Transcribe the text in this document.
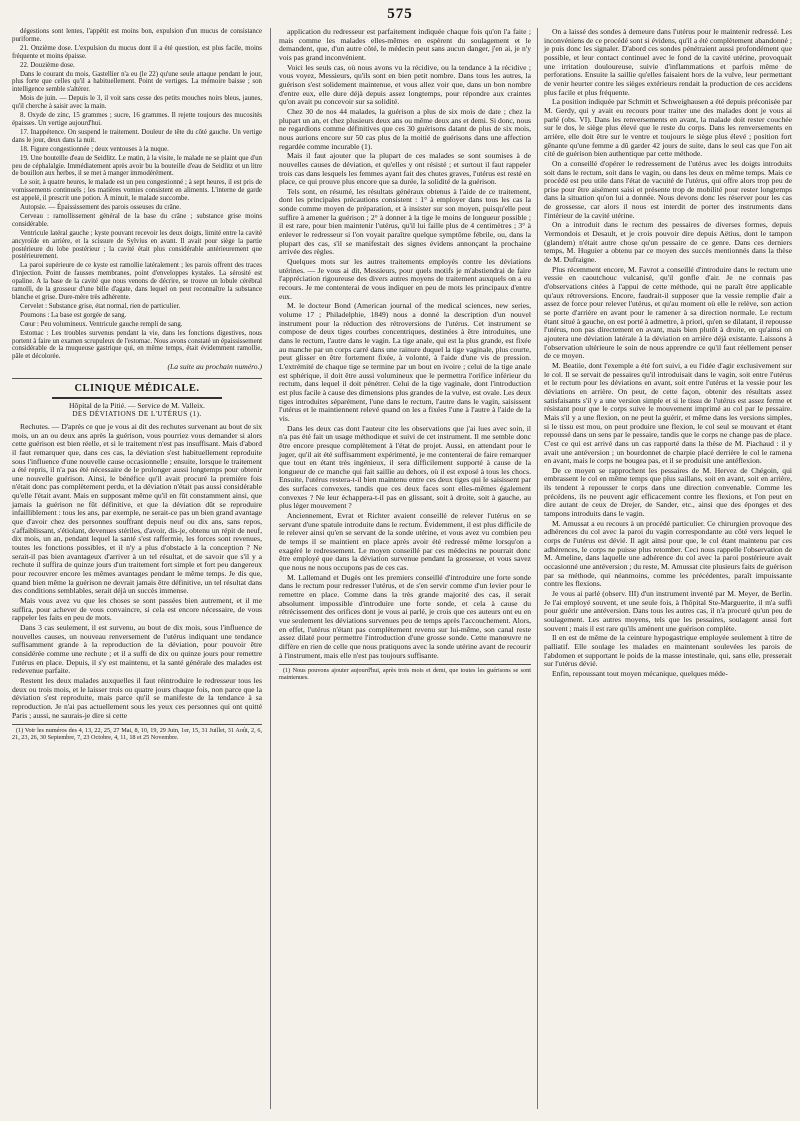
575

dégestions sont lentes, l'appétit est moins bon, expulsion d'un mucus de consistance puriforme.

21. Onzième dose. L'expulsion du mucus dont il a été question, est plus facile, moins fréquente et moins épaisse.

22. Douzième dose.

Dans le courant du mois, Gastellier n'a eu (le 22) qu'une seule attaque pendant le jour, plus forte que celles qu'il a habituellement. Point de vertiges. La mémoire baisse ; son intelligence semble s'altérer.

Mois de juin. — Depuis le 3, il voit sans cesse des petits mouches noirs bleus, jaunes, qu'il cherche à saisir avec la main.

8. Oxyde de zinc, 15 grammes ; sucre, 16 grammes. Il rejette toujours des mucosités épaisses. Un vertige aujourd'hui.

17. Inappétence. On suspend le traitement. Douleur de tête du côté gauche. Un vertige dans le jour, deux dans la nuit.

18. Figure congestionnée ; deux ventouses à la nuque.

19. Une bouteille d'eau de Seidlitz. Le matin, à la visite, le malade ne se plaint que d'un peu de céphalalgie. Immédiatement après avoir bu la bouteille d'eau de Seidlitz et un litre de bouillon aux herbes, il se met à manger immodérément.

Le soir, à quatre heures, le malade est un peu congestionné ; à sept heures, il est pris de vomissements continuels ; les matières vomies consistent en aliments. L'interne de garde est appelé, il prescrit une potion. À minuit, le malade succombe.

Autopsie. — Épaississement des parois osseuses du crâne.

Cerveau : ramollissement général de la base du crâne ; substance grise moins considérable.

Ventricule latéral gauche ; kyste pouvant recevoir les deux doigts, limité entre la cavité ancyroïde en arrière, et la scissure de Sylvius en avant. Il avait pour siège la partie postérieure du lobe postérieur ; la cavité était plus considérable antérieurement que postérieurement.

La paroi supérieure de ce kyste est ramollie latéralement ; les parois offrent des traces d'injection. Point de fausses membranes, point d'enveloppes kystales. La sérosité est opaline. A la base de la cavité que nous venons de décrire, se trouve un lobule cérébral ramolli, de la grosseur d'une bille d'agate, dans lequel on peut reconnaître la substance blanche et grise. Dure-mère très adhérente.

Cervelet : Substance grise, état normal, rien de particulier.

Poumons : La base est gorgée de sang.

Cœur : Peu volumineux. Ventricule gauche rempli de sang.

Estomac : Les troubles survenus pendant la vie, dans les fonctions digestives, nous portent à faire un examen scrupuleux de l'estomac. Nous avons constaté un épaississement considérable de la muqueuse gastrique qui, en même temps, était évidemment ramollie, pâle et décolorée.

(La suite au prochain numéro.)

CLINIQUE MÉDICALE.
Hôpital de la Pitié. — Service de M. Valleix.
DES DÉVIATIONS DE L'UTÉRUS (1).

Rechutes. — D'après ce que je vous ai dit des rechutes survenant au bout de six mois, un an ou deux ans après la guérison, vous pourriez vous demander si alors cette guérison est bien réelle, et si le traitement n'est pas insuffisant. Mais d'abord il faut remarquer que, dans ces cas, la déviation s'est habituellement reproduite sous l'influence d'une nouvelle cause occasionnelle ; ensuite, lorsque le traitement a été repris, il n'a pas été nécessaire de le prolonger aussi longtemps pour obtenir une nouvelle guérison. Ainsi, le bénéfice qu'il avait procuré la première fois n'était donc pas complètement perdu, et la déviation n'était pas aussi considérable qu'elle l'était avant. Mais en supposant même qu'il en fût constamment ainsi, que jamais la guérison ne fût définitive, et que la déviation dût se reproduire infailliblement : tous les ans, par exemple, ne serait-ce pas un bien grand avantage que d'avoir chez des personnes souffrant depuis neuf ou dix ans, sans repos, s'affaiblissant, s'étiolant, devenues stériles, d'avoir, dis-je, obtenu un répit de neuf, dix mois, un an, pendant lequel la santé s'est raffermie, les forces sont revenues, toutes les fonctions possibles, et il n'y a plus d'obstacle à la conception ? Ne serait-il pas bien avantageux d'arriver à un tel résultat, et de savoir que s'il y a rechute il suffira de quinze jours d'un traitement fort simple et fort peu dangereux pour recouvrer encore les mêmes avantages pendant le même temps. Je dis que, quand bien même la guérison ne devrait jamais être définitive, un tel résultat dans des conditions semblables, serait déjà un succès immense.

Mais vous avez vu que les choses se sont passées bien autrement, et il me suffira, pour achever de vous convaincre, si cela est encore nécessaire, de vous rappeler les faits en peu de mots.

Dans 3 cas seulement, il est survenu, au bout de dix mois, sous l'influence de nouvelles causes, un nouveau renversement de l'utérus indiquant une tendance suffisamment grande à la reproduction de la déviation, pour pouvoir être considérée comme une rechute ; et il a suffi de dix ou quinze jours pour remettre l'utérus en place. Depuis, il s'y est maintenu, et la santé générale des malades est redevenue parfaite.

Restent les deux malades auxquelles il faut réintroduire le redresseur tous les deux ou trois mois, et le laisser trois ou quatre jours chaque fois, non parce que la déviation s'est reproduite, mais parce qu'il se manifeste de la tendance à sa reproduction. Je n'ai pas actuellement sous les yeux ces personnes qui ont quitté Paris ; aussi, ne saurais-je dire si cette

(1) Voir les numéros des 4, 13, 22, 25, 27 Mai, 8, 10, 19, 29 Juin, 1er, 15, 31 Juillet, 31 Août, 2, 6, 21, 23, 26, 30 Septembre, 7, 23 Octobre, 4, 11, 18 et 25 Novembre.

application du redresseur est parfaitement indiquée chaque fois qu'on l'a faite ; mais comme les malades elles-mêmes en espèrent du soulagement et le demandent, que, d'un autre côté, le médecin peut sans aucun danger, j'en ai, je n'y vois pas grand inconvénient.

Voici les seuls cas, où nous avons vu la récidive, ou la tendance à la récidive ; vous voyez, Messieurs, qu'ils sont en bien petit nombre. Dans tous les autres, la guérison s'est solidement maintenue, et vous allez voir que, dans un bon nombre d'entre eux, elle dure déjà depuis assez longtemps, pour répondre aux craintes qu'on avait pu concevoir sur sa solidité.

Chez 30 de nos 44 malades, la guérison a plus de six mois de date ; chez la plupart un an, et chez plusieurs deux ans ou même deux ans et demi. Si donc, nous ne regardions comme définitives que ces 30 guérisons datant de plus de six mois, nous aurions encore sur 50 cas plus de la moitié de guérisons dans une affection regardée comme incurable (1).

Mais il faut ajouter que la plupart de ces malades se sont soumises à de nouvelles causes de déviation, et qu'elles y ont résisté ; et surtout il faut rappeler trois cas dans lesquels les femmes ayant fait des chutes graves, l'utérus est resté en place, ce qui prouve plus encore que sa durée, la solidité de la guérison.

Tels sont, en résumé, les résultats généraux obtenus à l'aide de ce traitement, dont les principales précautions consistent : 1° à employer dans tous les cas la sonde comme moyen de préparation, et à insister sur son moyen, puisqu'elle peut suffire à amener la guérison ; 2° à donner à la tige le moins de longueur possible ; il est rare, pour bien maintenir l'utérus, qu'il lui faille plus de 4 centimètres ; 3° à enlever le redresseur si l'on voyait paraître quelque symptôme fébrile, ou, dans la plupart des cas, s'il se manifestait des signes évidens annonçant la prochaine arrivée des règles.

Quelques mots sur les autres traitements employés contre les déviations utérines. — Je vous ai dit, Messieurs, pour quels motifs je m'abstiendrai de faire l'appréciation rigoureuse des divers autres moyens de traitement auxquels on a eu recours. Je me contenterai de vous indiquer en peu de mots les principaux d'entre eux.

M. le docteur Bond (American journal of the medical sciences, new series, volume 17 ; Philadelphie, 1849) nous a donné la description d'un nouvel instrument pour la réduction des rétroversions de l'utérus. Cet instrument se compose de deux tiges courbes concentriques, destinées à être introduites, une dans le rectum, l'autre dans le vagin. La tige anale, qui est la plus grande, est fixée au manche par un corps carré dans une rainure duquel la tige vaginale, plus courte, peut glisser en être fortement fixée, à volonté, à l'aide d'une vis de pression. L'extrémité de chaque tige se termine par un bout en ivoire ; celui de la tige anale est sphérique, il doit être aussi volumineux que le permettra l'orifice inférieur du rectum, dans lequel il doit pénétrer. Celui de la tige vaginale, dont l'introduction est plus facile à cause des dimensions plus grandes de la vulve, est ovale. Les deux tiges introduites séparément, l'une dans le rectum, l'autre dans le vagin, saisissent l'utérus et le maintiennent relevé quand on les a fixées l'une à l'autre à l'aide de la vis.

Dans les deux cas dont l'auteur cite les observations que j'ai lues avec soin, il n'a pas été fait un usage méthodique et suivi de cet instrument. Il me semble donc être encore presque complètement à l'état de projet. Aussi, en attendant pour le juger, qu'il ait été suffisamment expérimenté, je me contenterai de faire remarquer que tout en étant très ingénieux, il sera difficilement supporté à cause de la longueur de ce manche qui fait saillie au dehors, où il est exposé à tous les chocs. Ensuite, l'utérus restera-t-il bien maintenu entre ces deux tiges qui le saisissent par des surfaces convexes, tandis que ces deux faces sont elles-mêmes également convexes ? Ne leur échappera-t-il pas en glissant, soit à droite, soit à gauche, au plus léger mouvement ?

Anciennement, Evrat et Richter avaient conseillé de relever l'utérus en se servant d'une spatule introduite dans le rectum. Évidemment, il est plus difficile de le relever ainsi qu'en se servant de la sonde utérine, et vous avez vu combien peu de temps il se maintient en place après avoir été redressé même lorsqu'on a exagéré le redressement. Le moyen conseillé par ces médecins ne pourrait donc être employé que dans la déviation survenue pendant la grossesse, et vous savez que nous ne nous occupons pas de ces cas.

M. Lallemand et Dugès ont les premiers conseillé d'introduire une forte sonde dans le rectum pour redresser l'utérus, et de s'en servir comme d'un levier pour le remettre en place. Comme dans la très grande majorité des cas, il serait absolument impossible d'introduire une forte sonde, et cela à cause du rétrécissement des orifices dont je vous ai parlé, je crois que ces auteurs ont eu en vue seulement les déviations survenues peu de temps après l'accouchement. Alors, en effet, l'utérus n'étant pas complètement revenu sur lui-même, son canal reste assez dilaté pour permettre l'introduction d'une grosse sonde. Cette manœuvre ne diffère en rien de celle que nous pratiquons avec la sonde utérine avant de recourir à l'instrument, mais elle n'est pas toujours suffisante.

(1) Nous pouvons ajouter aujourd'hui, après trois mois et demi, que toutes les guérisons se sont maintenues.

On a laissé des sondes à demeure dans l'utérus pour le maintenir redressé. Les inconvéniens de ce procédé sont si évidens, qu'il a été complètement abandonné ; je puis donc les signaler. D'abord ces sondes pénétraient aussi profondément que possible, et leur contact continuel avec le fond de la cavité utérine, provoquait une irritation douloureuse, suivie d'inflammations et parfois même de perforations. Ensuite la saillie qu'elles faisaient hors de la vulve, leur permettant de venir heurter contre les sièges extérieurs rendait la production de ces accidens plus facile et plus fréquente.

La position indiquée par Schmitt et Schweighausen a été depuis préconisée par M. Gerdy, qui y avait eu recours pour traiter une des malades dont je vous ai parlé (obs. VI). Dans les renversements en avant, la malade doit rester couchée sur le dos, le siège plus élevé que le reste du corps. Dans les renversements en arrière, elle doit être sur le ventre et toujours le siège plus élevé ; position fort gênante qu'une femme a dû garder 42 jours de suite, dans le seul cas que l'on ait cité de guérison bien authentique par cette méthode.

On a conseillé d'opérer le redressement de l'utérus avec les doigts introduits soit dans le rectum, soit dans le vagin, ou dans les deux en même temps. Mais ce procédé est peu utile dans l'état de vacuité de l'utérus, qui offre alors trop peu de prise pour être aisément saisi et présente trop de mobilité pour rester longtemps dans la situation qu'on lui a donnée. Nous devons donc les réserver pour les cas de grossesse, car alors il nous est interdit de porter des instruments dans l'intérieur de la cavité utérine.

On a introduit dans le rectum des pessaires de diverses formes, depuis Vermondois et Desault, et je crois pouvoir dire depuis Aëtius, dont le tampon (glandem) n'était autre chose qu'un pessaire de ce genre. Dans ces derniers temps, M. Huguier a obtenu par ce moyen des succès mentionnés dans la thèse de M. Dufraigne.

Plus récemment encore, M. Favrot a conseillé d'introduire dans le rectum une vessie en caoutchouc vulcanisé, qu'il gonfle d'air. Je ne connais pas d'observations citées à l'appui de cette méthode, qui ne paraît être applicable qu'aux rétroversions. Encore, faudrait-il supposer que la vessie remplie d'air a assez de force pour relever l'utérus, et qu'au moment où elle le relève, son action se porte d'arrière en avant pour le ramener à sa direction normale. Le rectum étant situé à gauche, on est porté à admettre, à priori, qu'en se dilatant, il repousse l'utérus, non pas directement en avant, mais bien plutôt à droite, en qu'ainsi on ajoutera une déviation latérale à la déviation en arrière déjà existante. Laissons à l'observation ultérieure le soin de nous apprendre ce qu'il faut réellement penser de ce moyen.

M. Beatiie, dont l'exemple a été fort suivi, a eu l'idée d'agir exclusivement sur le col. Il se servait de pessaires qu'il introduisait dans le vagin, soit entre l'utérus et le rectum pour les déviations en avant, soit entre l'utérus et la vessie pour les déviations en arrière. On peut, de cette façon, obtenir des résultats assez satisfaisants s'il y a une version simple et si le tissu de l'utérus est assez ferme et résistant pour que le corps suive le mouvement imprimé au col par le pessaire. Mais s'il y a une flexion, on ne peut la guérir, et même dans les versions simples, si le tissu est mou, on peut produire une flexion, le col seul se mouvant et étant repoussé dans un sens par le pessaire, tandis que le corps ne change pas de place. C'est ce qui est arrivé dans un cas rapporté dans la thèse de M. Piachaud : il y avait une antéversion ; un bourdonnet de charpie placé derrière le col le ramena en avant, mais le corps ne bougea pas, et il se produisit une antéflexion.

De ce moyen se rapprochent les pessaires de M. Hervez de Chégoin, qui embrassent le col en même temps que plus saillans, soit en avant, soit en arrière, ils tendent à repousser le corps dans une direction convenable. Comme les précédens, ils ne peuvent agir efficacement contre les flexions, et l'on peut en dire autant de ceux de Drejer, de Sander, etc., ainsi que des éponges et des tampons introduits dans le vagin.

M. Amussat a eu recours à un procédé particulier. Ce chirurgien provoque des adhérences du col avec la paroi du vagin correspondante au côté vers lequel le corps de l'utérus est dévié. Il agit ainsi pour que, le col étant maintenu par ces adhérences, le corps ne puisse plus retomber. Ceci nous rappelle l'observation de M. Ameline, dans laquelle une adhérence du col avec la paroi postérieure avait occasionné une antéversion ; du reste, M. Amussat cite plusieurs faits de guérison par sa méthode, qui néanmoins, comme les précédentes, paraît impuissante contre les flexions.

Je vous ai parlé (observ. III) d'un instrument inventé par M. Meyer, de Berlin. Je l'ai employé souvent, et une seule fois, à l'hôpital Ste-Marguerite, il m'a suffi pour guérir une antéversion. Dans tous les autres cas, il n'a procuré qu'un peu de soulagement. Les autres moyens, tels que les pessaires, soulagent aussi fort souvent ; mais il est rare qu'ils amènent une guérison complète.

Il en est de même de la ceinture hypogastrique employée seulement à titre de palliatif. Elle soulage les malades en maintenant soulevées les parois de l'abdomen et supportant le poids de la masse intestinale, qui, sans elle, presserait sur l'utérus dévié.

Enfin, repoussant tout moyen mécanique, quelques méde-
